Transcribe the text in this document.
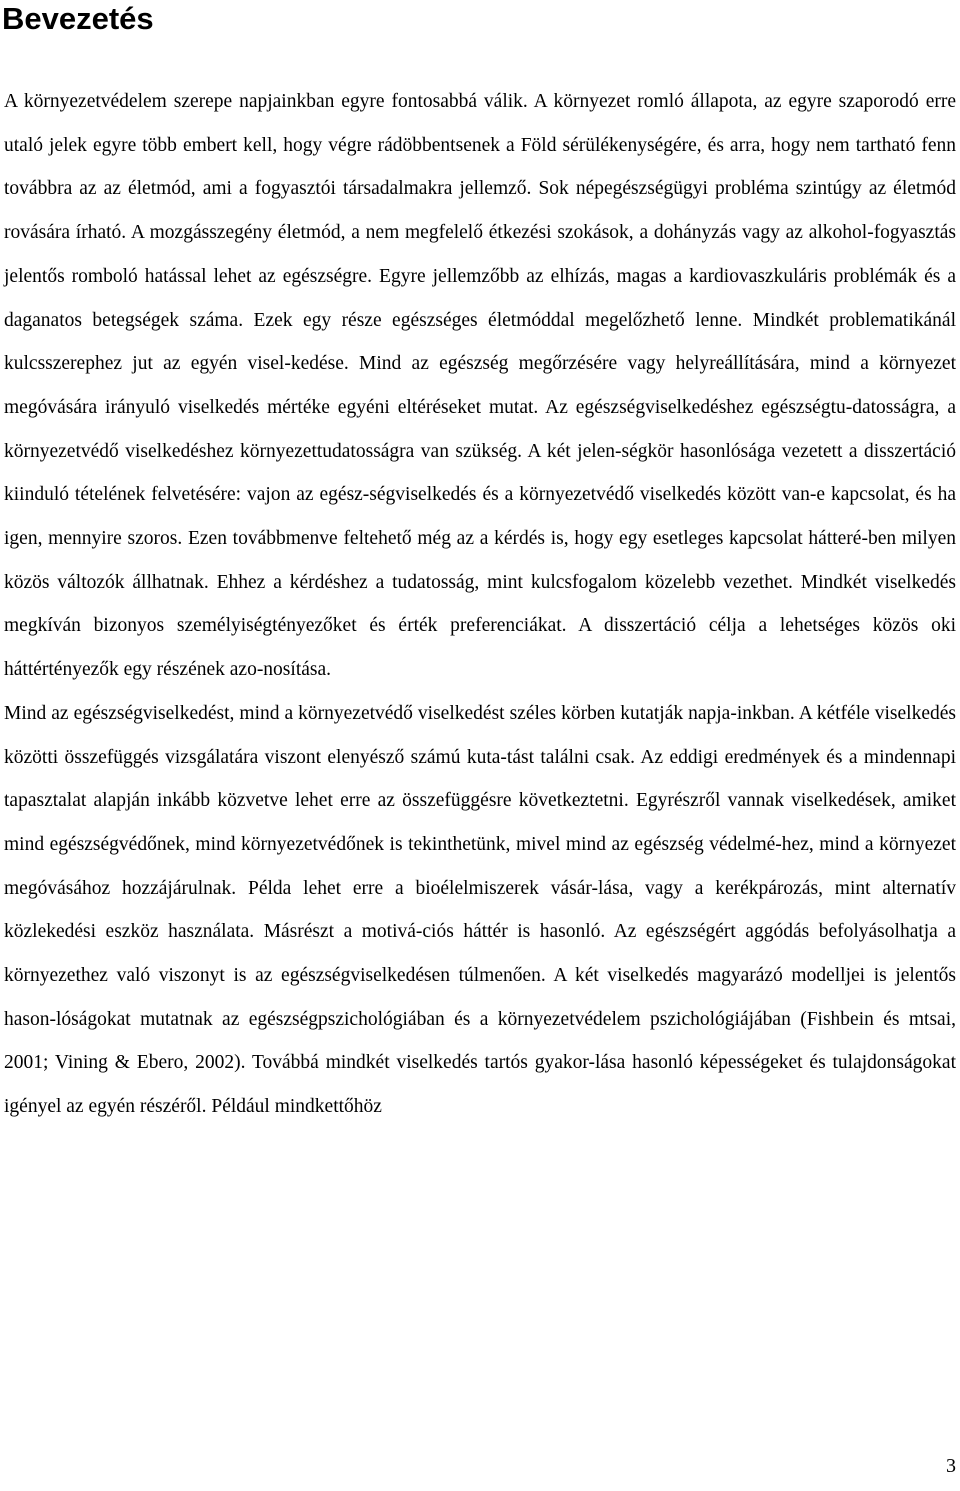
Bevezetés

A környezetvédelem szerepe napjainkban egyre fontosabbá válik. A környezet romló állapota, az egyre szaporodó erre utaló jelek egyre több embert kell, hogy végre rádöbbentsenek a Föld sérülékenységére, és arra, hogy nem tartható fenn továbbra az az életmód, ami a fogyasztói társadalmakra jellemző. Sok népegészségügyi probléma szintúgy az életmód rovására írható. A mozgásszegény életmód, a nem megfelelő étkezési szokások, a dohányzás vagy az alkohol-fogyasztás jelentős romboló hatással lehet az egészségre. Egyre jellemzőbb az elhízás, magas a kardiovaszkuláris problémák és a daganatos betegségek száma. Ezek egy része egészséges életmóddal megelőzhető lenne. Mindkét problematikánál kulcsszerephez jut az egyén visel-kedése. Mind az egészség megőrzésére vagy helyreállítására, mind a környezet megóvására irányuló viselkedés mértéke egyéni eltéréseket mutat. Az egészségviselkedéshez egészségtu-datosságra, a környezetvédő viselkedéshez környezettudatosságra van szükség. A két jelen-ségkör hasonlósága vezetett a disszertáció kiinduló tételének felvetésére: vajon az egész-ségviselkedés és a környezetvédő viselkedés között van-e kapcsolat, és ha igen, mennyire szoros. Ezen továbbmenve feltehető még az a kérdés is, hogy egy esetleges kapcsolat hátteré-ben milyen közös változók állhatnak. Ehhez a kérdéshez a tudatosság, mint kulcsfogalom közelebb vezethet. Mindkét viselkedés megkíván bizonyos személyiségtényezőket és érték preferenciákat. A disszertáció célja a lehetséges közös oki háttértényezők egy részének azo-nosítása.

Mind az egészségviselkedést, mind a környezetvédő viselkedést széles körben kutatják napja-inkban. A kétféle viselkedés közötti összefüggés vizsgálatára viszont elenyésző számú kuta-tást találni csak. Az eddigi eredmények és a mindennapi tapasztalat alapján inkább közvetve lehet erre az összefüggésre következtetni. Egyrészről vannak viselkedések, amiket mind egészségvédőnek, mind környezetvédőnek is tekinthetünk, mivel mind az egészség védelmé-hez, mind a környezet megóvásához hozzájárulnak. Példa lehet erre a bioélelmiszerek vásár-lása, vagy a kerékpározás, mint alternatív közlekedési eszköz használata. Másrészt a motivá-ciós háttér is hasonló. Az egészségért aggódás befolyásolhatja a környezethez való viszonyt is az egészségviselkedésen túlmenően. A két viselkedés magyarázó modelljei is jelentős hason-lóságokat mutatnak az egészségpszichológiában és a környezetvédelem pszichológiájában (Fishbein és mtsai, 2001; Vining & Ebero, 2002). Továbbá mindkét viselkedés tartós gyakor-lása hasonló képességeket és tulajdonságokat igényel az egyén részéről. Például mindkettőhöz

3
